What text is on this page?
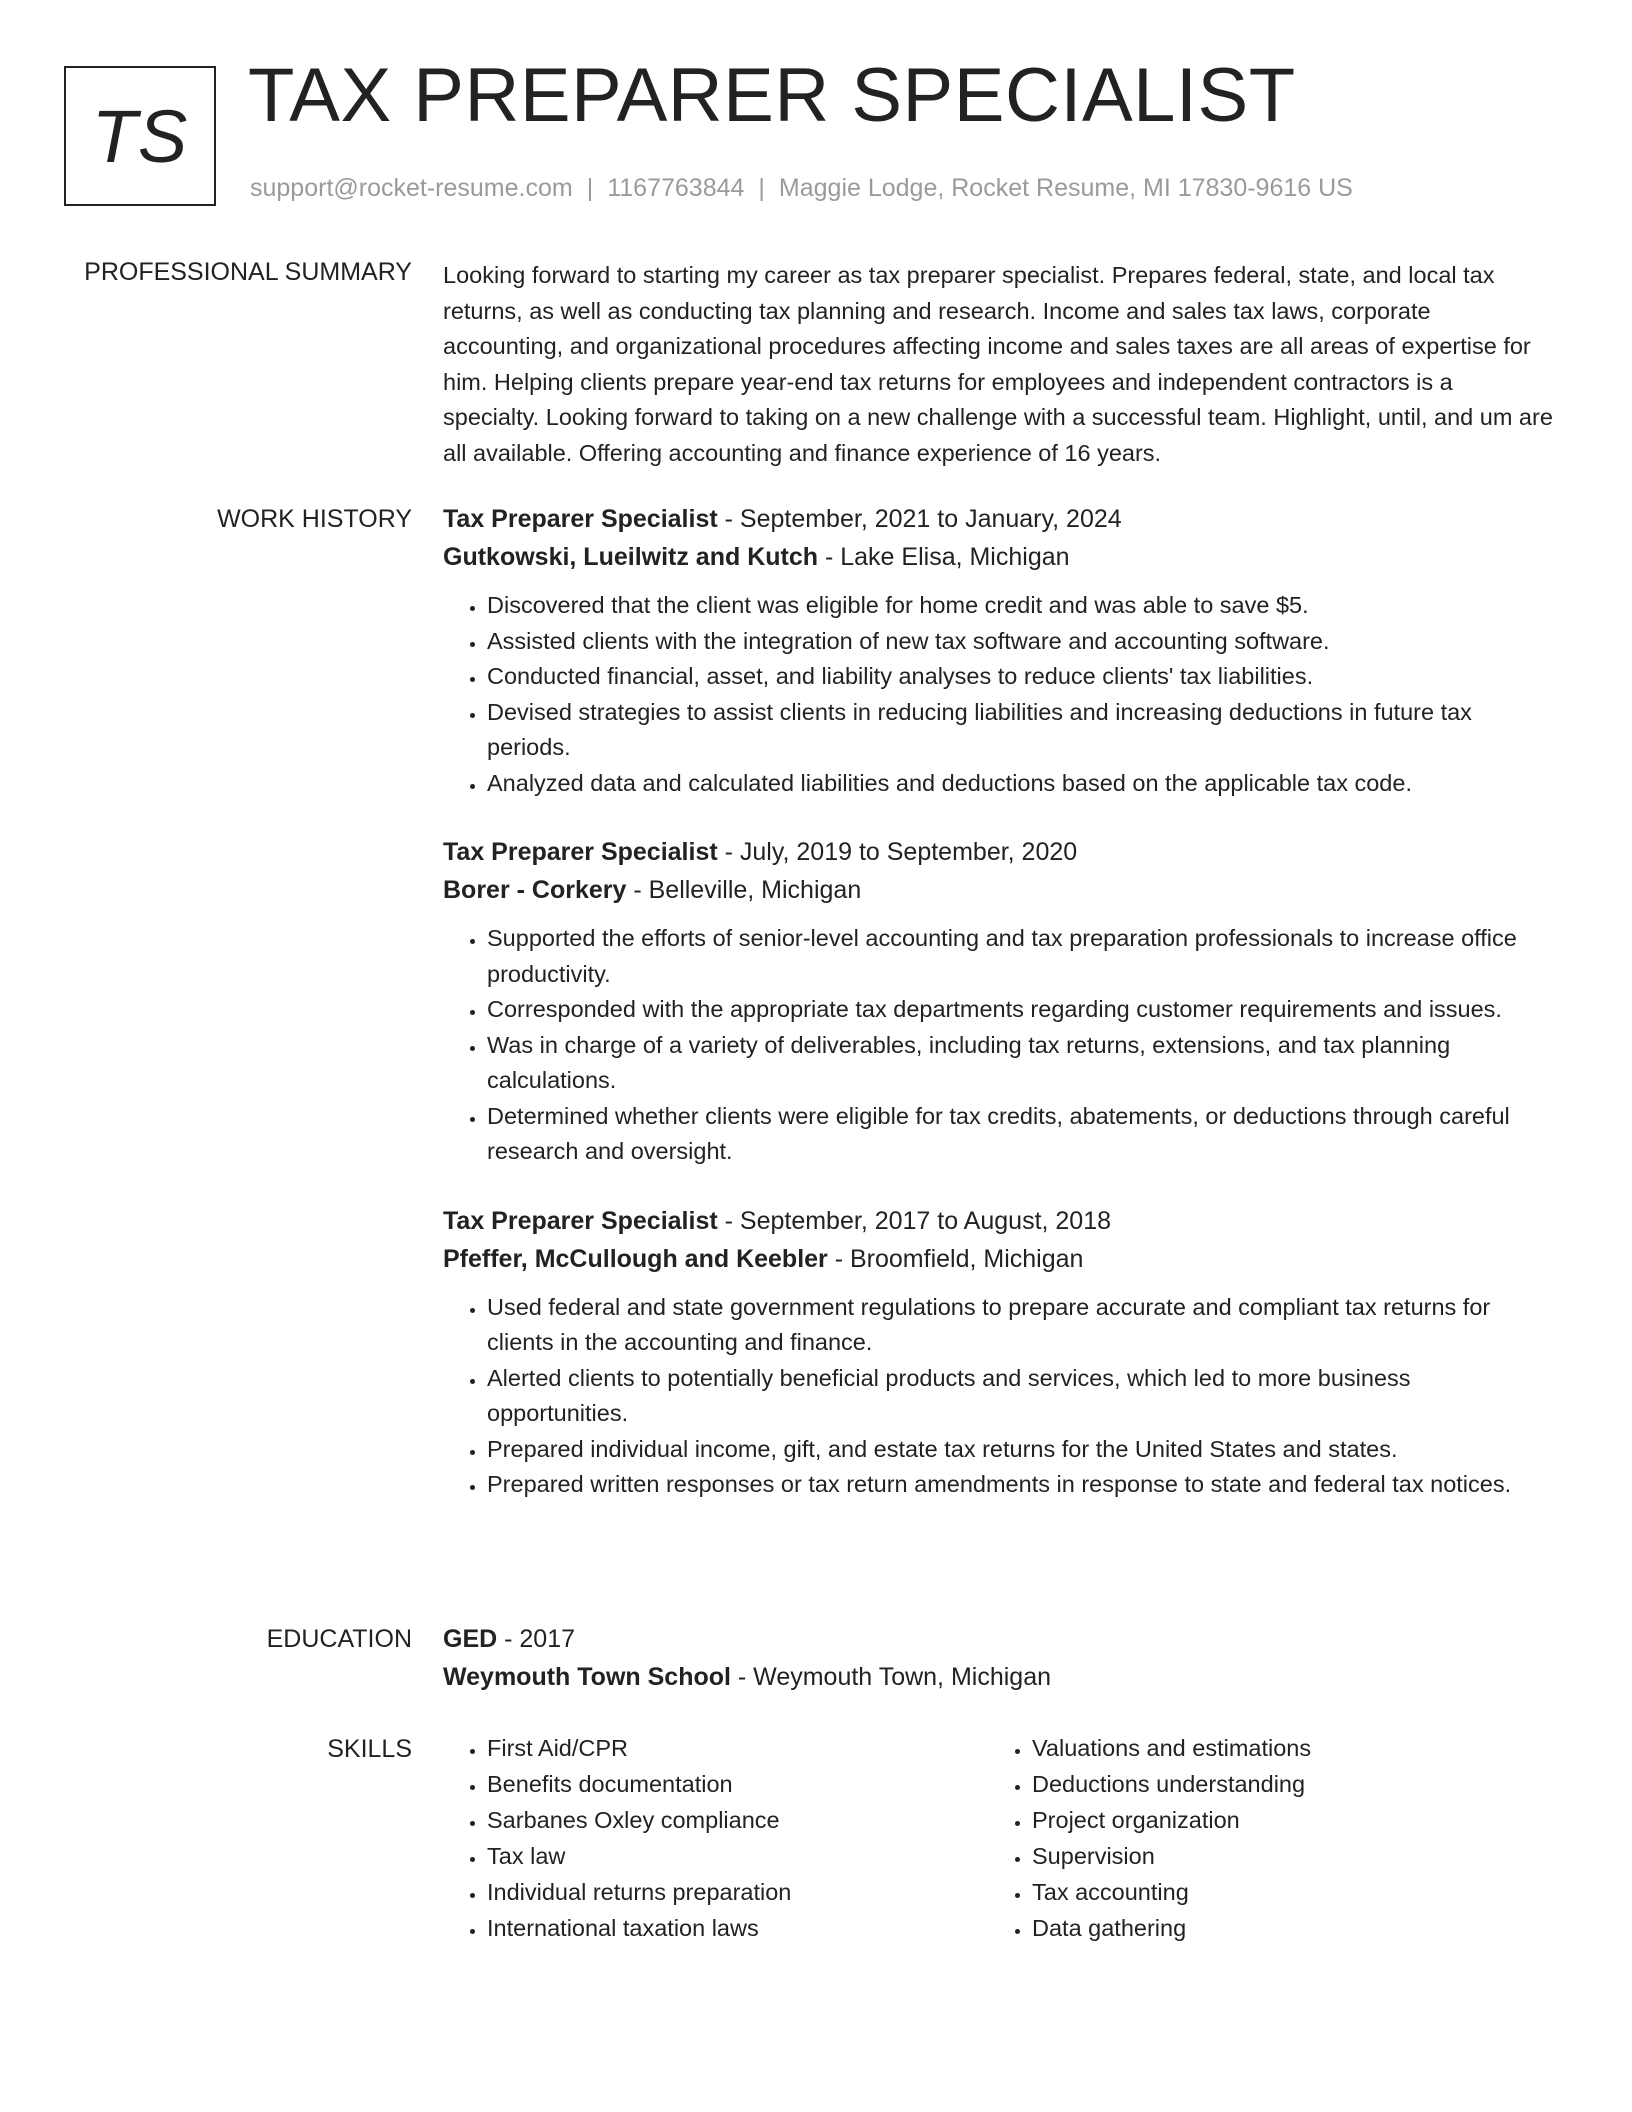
TS TAX PREPARER SPECIALIST
support@rocket-resume.com | 1167763844 | Maggie Lodge, Rocket Resume, MI 17830-9616 US
PROFESSIONAL SUMMARY Looking forward to starting my career as tax preparer specialist. Prepares federal, state, and local tax returns, as well as conducting tax planning and research. Income and sales tax laws, corporate accounting, and organizational procedures affecting income and sales taxes are all areas of expertise for him. Helping clients prepare year-end tax returns for employees and independent contractors is a specialty. Looking forward to taking on a new challenge with a successful team. Highlight, until, and um are all available. Offering accounting and finance experience of 16 years.
WORK HISTORY Tax Preparer Specialist - September, 2021 to January, 2024
Gutkowski, Lueilwitz and Kutch - Lake Elisa, Michigan
• Discovered that the client was eligible for home credit and was able to save $5.
• Assisted clients with the integration of new tax software and accounting software.
• Conducted financial, asset, and liability analyses to reduce clients' tax liabilities.
• Devised strategies to assist clients in reducing liabilities and increasing deductions in future tax periods.
• Analyzed data and calculated liabilities and deductions based on the applicable tax code.
Tax Preparer Specialist - July, 2019 to September, 2020
Borer - Corkery - Belleville, Michigan
• Supported the efforts of senior-level accounting and tax preparation professionals to increase office productivity.
• Corresponded with the appropriate tax departments regarding customer requirements and issues.
• Was in charge of a variety of deliverables, including tax returns, extensions, and tax planning calculations.
• Determined whether clients were eligible for tax credits, abatements, or deductions through careful research and oversight.
Tax Preparer Specialist - September, 2017 to August, 2018
Pfeffer, McCullough and Keebler - Broomfield, Michigan
• Used federal and state government regulations to prepare accurate and compliant tax returns for clients in the accounting and finance.
• Alerted clients to potentially beneficial products and services, which led to more business opportunities.
• Prepared individual income, gift, and estate tax returns for the United States and states.
• Prepared written responses or tax return amendments in response to state and federal tax notices.
EDUCATION GED - 2017
Weymouth Town School - Weymouth Town, Michigan
SKILLS
•	First Aid/CPR
• Benefits documentation
• Sarbanes Oxley compliance
• Tax law
• Individual returns preparation
• International taxation laws
• Valuations and estimations
• Deductions understanding
• Project organization
• Supervision
• Tax accounting
• Data gathering
